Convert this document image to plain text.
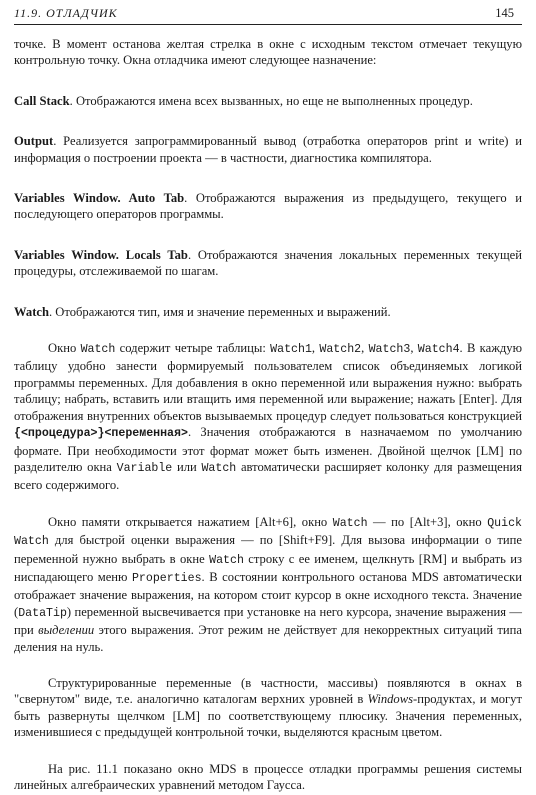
11.9. ОТЛАДЧИК	145

точке. В момент останова желтая стрелка в окне с исходным текстом отмечает текущую контрольную точку. Окна отладчика имеют следующее назначение:

Call Stack. Отображаются имена всех вызванных, но еще не выполненных процедур.

Output. Реализуется запрограммированный вывод (отработка операторов print и write) и информация о построении проекта — в частности, диагностика компилятора.

Variables Window. Auto Tab. Отображаются выражения из предыдущего, текущего и последующего операторов программы.

Variables Window. Locals Tab. Отображаются значения локальных переменных текущей процедуры, отслеживаемой по шагам.

Watch. Отображаются тип, имя и значение переменных и выражений.

Окно Watch содержит четыре таблицы: Watch1, Watch2, Watch3, Watch4. В каждую таблицу удобно занести формируемый пользователем список объединяемых логикой программы переменных. Для добавления в окно переменной или выражения нужно: выбрать таблицу; набрать, вставить или втащить имя переменной или выражение; нажать [Enter]. Для отображения внутренних объектов вызываемых процедур следует пользоваться конструкцией {<процедура>}<переменная>. Значения отображаются в назначаемом по умолчанию формате. При необходимости этот формат может быть изменен. Двойной щелчок [LM] по разделителю окна Variable или Watch автоматически расширяет колонку для размещения всего содержимого.

Окно памяти открывается нажатием [Alt+6], окно Watch — по [Alt+3], окно Quick Watch для быстрой оценки выражения — по [Shift+F9]. Для вызова информации о типе переменной нужно выбрать в окне Watch строку с ее именем, щелкнуть [RM] и выбрать из ниспадающего меню Properties. В состоянии контрольного останова MDS автоматически отображает значение выражения, на котором стоит курсор в окне исходного текста. Значение (DataTip) переменной высвечивается при установке на него курсора, значение выражения — при выделении этого выражения. Этот режим не действует для некорректных ситуаций типа деления на нуль.

Структурированные переменные (в частности, массивы) появляются в окнах в "свернутом" виде, т.е. аналогично каталогам верхних уровней в Windows-продуктах, и могут быть развернуты щелчком [LM] по соответствующему плюсику. Значения переменных, изменившиеся с предыдущей контрольной точки, выделяются красным цветом.

На рис. 11.1 показано окно MDS в процессе отладки программы решения системы линейных алгебраических уравнений методом Гаусса.
